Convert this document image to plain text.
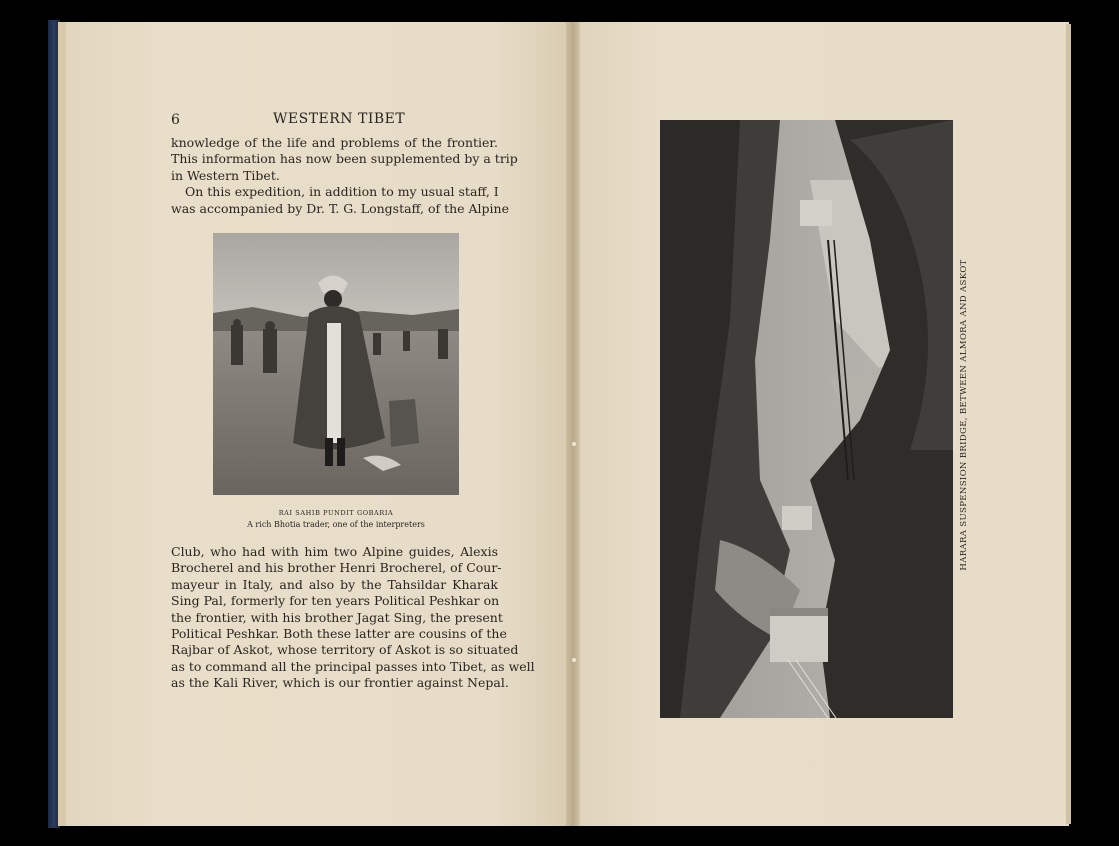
6	WESTERN TIBET

knowledge of the life and problems of the frontier.
This information has now been supplemented by a trip
in Western Tibet.

On this expedition, in addition to my usual staff, I
was accompanied by Dr. T. G. Longstaff, of the Alpine

RAI SAHIB PUNDIT GOBARIA
A rich Bhotia trader, one of the interpreters

Club, who had with him two Alpine guides, Alexis
Brocherel and his brother Henri Brocherel, of Cour-
mayeur in Italy, and also by the Tahsildar Kharak
Sing Pal, formerly for ten years Political Peshkar on
the frontier, with his brother Jagat Sing, the present
Political Peshkar. Both these latter are cousins of the
Rajbar of Askot, whose territory of Askot is so situated
as to command all the principal passes into Tibet, as well
as the Kali River, which is our frontier against Nepal.

HARARA SUSPENSION BRIDGE, BETWEEN ALMORA AND ASKOT
